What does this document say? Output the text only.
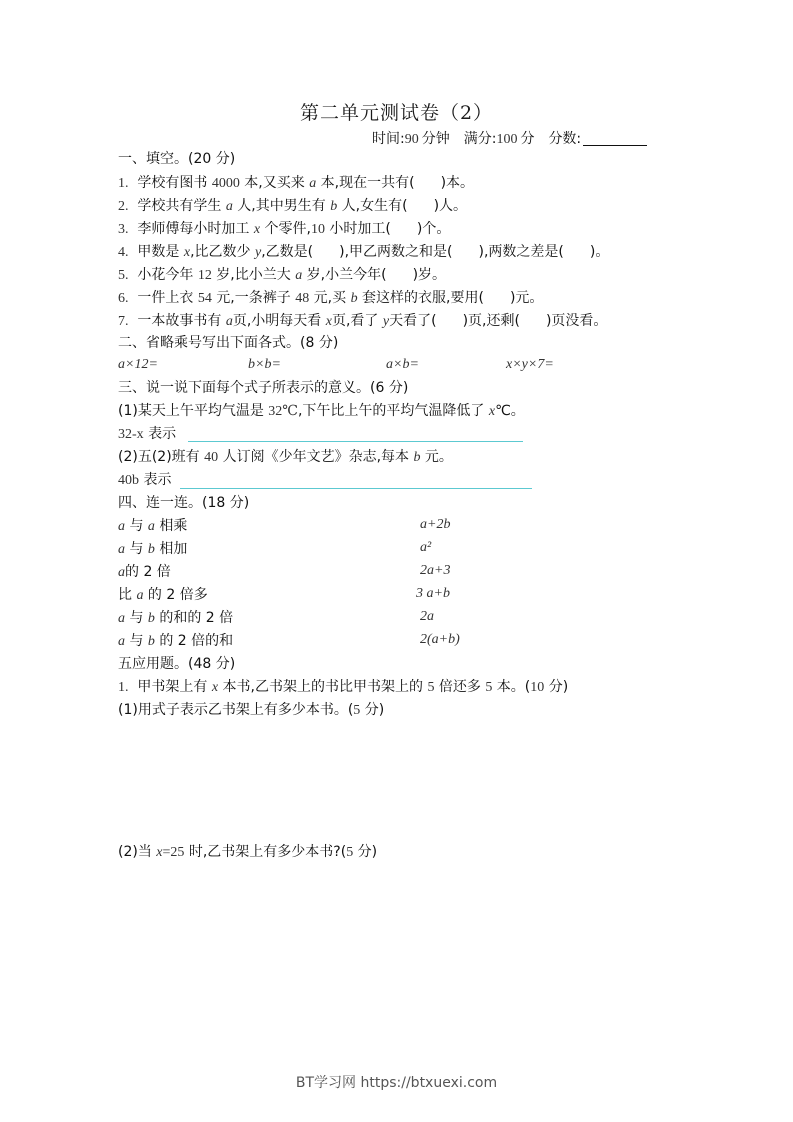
第二单元测试卷（2）
时间:90 分钟 满分:100 分 分数:
一、填空。(20 分)
1. 学校有图书 4000 本,又买来 a 本,现在一共有( )本。
2. 学校共有学生 a 人,其中男生有 b 人,女生有( )人。
3. 李师傅每小时加工 x 个零件,10 小时加工( )个。
4. 甲数是 x,比乙数少 y,乙数是( ),甲乙两数之和是( ),两数之差是( )。
5. 小花今年 12 岁,比小兰大 a 岁,小兰今年( )岁。
6. 一件上衣 54 元,一条裤子 48 元,买 b 套这样的衣服,要用( )元。
7. 一本故事书有 a页,小明每天看 x页,看了 y天看了( )页,还剩( )页没看。
二、省略乘号写出下面各式。(8 分)
a×12=	b×b=	a×b=	x×y×7=
三、说一说下面每个式子所表示的意义。(6 分)
(1)某天上午平均气温是 32℃,下午比上午的平均气温降低了 x℃。
32-x 表示
(2)五(2)班有 40 人订阅《少年文艺》杂志,每本 b 元。
40b 表示
四、连一连。(18 分)
a 与 a 相乘
a 与 b 相加
a的 2 倍
比 a 的 2 倍多
a 与 b 的和的 2 倍
a 与 b 的 2 倍的和
a+2b
a²
2a+3
3 a+b
2a
2(a+b)
五应用题。(48 分)
1. 甲书架上有 x 本书,乙书架上的书比甲书架上的 5 倍还多 5 本。(10 分)
(1)用式子表示乙书架上有多少本书。(5 分)
(2)当 x=25 时,乙书架上有多少本书?(5 分)
BT学习网 https://btxuexi.com
